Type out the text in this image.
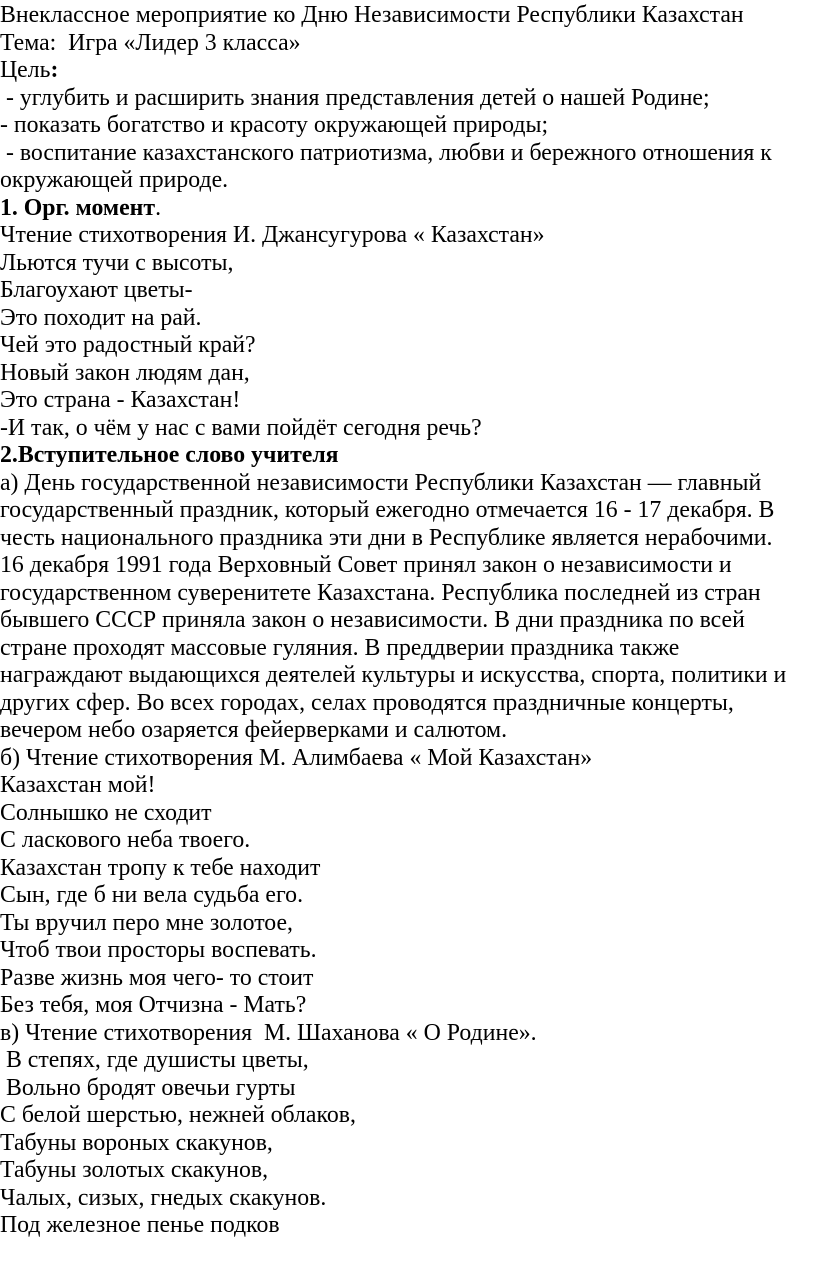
Внеклассное мероприятие ко Дню Независимости Республики Казахстан
Тема:  Игра «Лидер 3 класса»
Цель:
- углубить и расширить знания представления детей о нашей Родине;
- показать богатство и красоту окружающей природы;
- воспитание казахстанского патриотизма, любви и бережного отношения к
окружающей природе.
1. Орг. момент.
Чтение стихотворения И. Джансугурова « Казахстан»
Льются тучи с высоты,
Благоухают цветы-
Это походит на рай.
Чей это радостный край?
Новый закон людям дан,
Это страна - Казахстан!
-И так, о чём у нас с вами пойдёт сегодня речь?
2.Вступительное слово учителя
а) День государственной независимости Республики Казахстан — главный
государственный праздник, который ежегодно отмечается 16 - 17 декабря. В
честь национального праздника эти дни в Республике является нерабочими.
16 декабря 1991 года Верховный Совет принял закон о независимости и
государственном суверенитете Казахстана. Республика последней из стран
бывшего СССР приняла закон о независимости. В дни праздника по всей
стране проходят массовые гуляния. В преддверии праздника также
награждают выдающихся деятелей культуры и искусства, спорта, политики и
других сфер. Во всех городах, селах проводятся праздничные концерты,
вечером небо озаряется фейерверками и салютом.
б) Чтение стихотворения М. Алимбаева « Мой Казахстан»
Казахстан мой!
Солнышко не сходит
С ласкового неба твоего.
Казахстан тропу к тебе находит
Сын, где б ни вела судьба его.
Ты вручил перо мне золотое,
Чтоб твои просторы воспевать.
Разве жизнь моя чего- то стоит
Без тебя, моя Отчизна - Мать?
в) Чтение стихотворения  М. Шаханова « О Родине».
В степях, где душисты цветы,
Вольно бродят овечьи гурты
С белой шерстью, нежней облаков,
Табуны вороных скакунов,
Табуны золотых скакунов,
Чалых, сизых, гнедых скакунов.
Под железное пенье подков
